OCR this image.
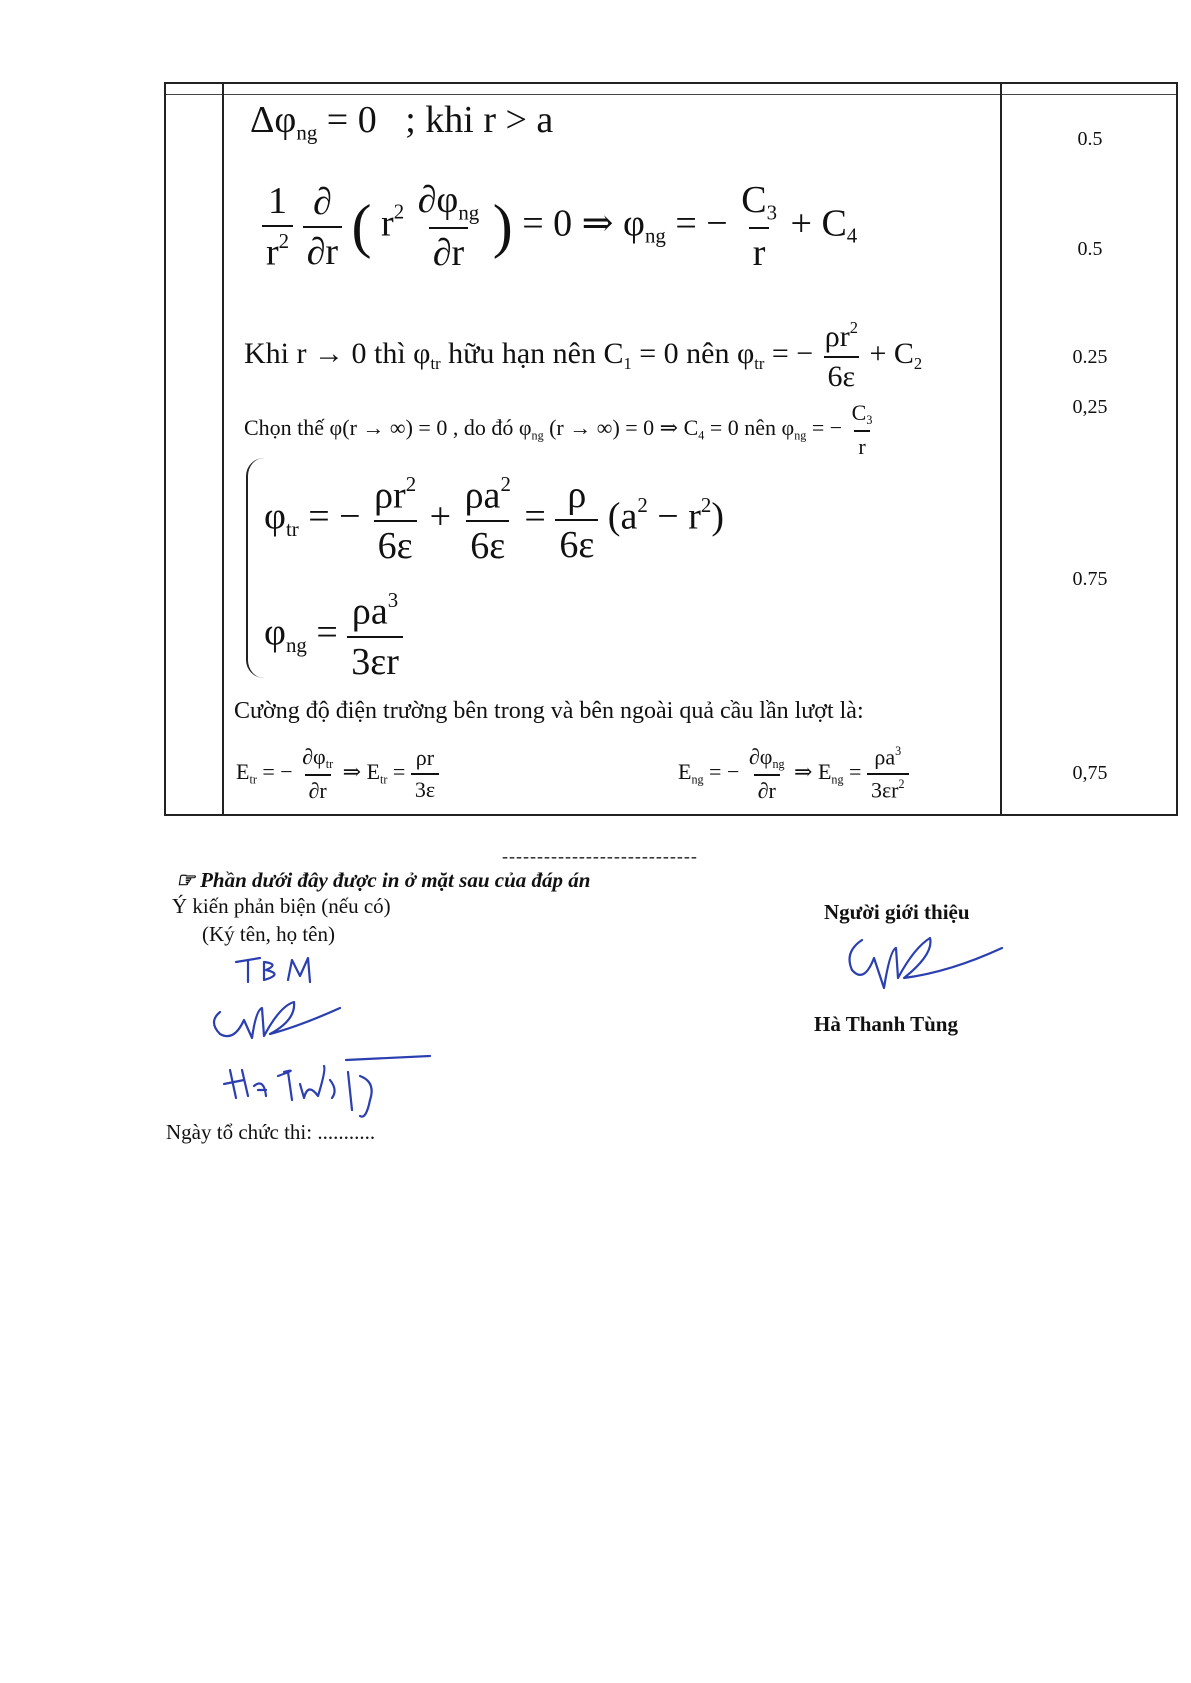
0.5
0.5
0.25
0,25
0.75
0,75
$\Delta\varphi_{ng} = 0$ ; khi r > a
$\frac{1}{r^2}$
$\frac{\partial}{\partial r}$ ( $r^2 \frac{\partial\varphi_{ng}}{\partial r}$ ) = 0 ⇒ $\varphi_{ng}$ = − $\frac{C_3}{r} + C_4$
Khi r → 0 thì $\varphi_{tr}$ hữu hạn nên $C_1 = 0$ nên $\varphi_{tr}$ = − $\frac{\rho r^2}{6\varepsilon} + C_2$
Chọn thế φ(r → ∞) = 0 , do đó $\varphi_{ng}$ (r → ∞) = 0 ⇒ $C_4 = 0$ nên $\varphi_{ng}$ = − $\frac{C_3}{r}$
$\varphi_{tr}$ = − $\frac{\rho r^2}{6\varepsilon} + \frac{\rho a^2}{6\varepsilon} = \frac{\rho}{6\varepsilon} (a^2 - r^2)$
$\varphi_{ng} = \frac{\rho a^3}{3\varepsilon r}$
Cường độ điện trường bên trong và bên ngoài quả cầu lần lượt là:
$E_{tr}$ = − $\frac{\partial\varphi_{tr}}{\partial r}$ ⇒ $E_{tr} = \frac{\rho r}{3\varepsilon}$	$E_{ng}$ = − $\frac{\partial\varphi_{ng}}{\partial r}$ ⇒ $E_{ng} = \frac{\rho a^3}{3\varepsilon r^2}$
----------------------------
☞ Phần dưới đây được in ở mặt sau của đáp án
Ý kiến phản biện (nếu có)
(Ký tên, họ tên)
Ngày tổ chức thi: ...........
Người giới thiệu
Hà Thanh Tùng
